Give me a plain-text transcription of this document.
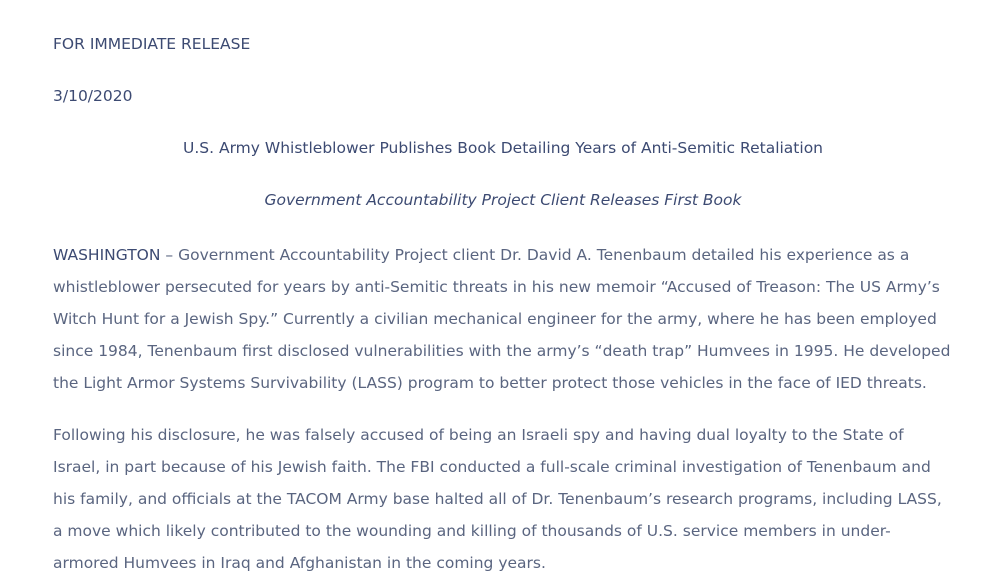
FOR IMMEDIATE RELEASE

3/10/2020

U.S. Army Whistleblower Publishes Book Detailing Years of Anti-Semitic Retaliation

Government Accountability Project Client Releases First Book

WASHINGTON – Government Accountability Project client Dr. David A. Tenenbaum detailed his experience as a whistleblower persecuted for years by anti-Semitic threats in his new memoir “Accused of Treason: The US Army’s Witch Hunt for a Jewish Spy.” Currently a civilian mechanical engineer for the army, where he has been employed since 1984, Tenenbaum first disclosed vulnerabilities with the army’s “death trap” Humvees in 1995. He developed the Light Armor Systems Survivability (LASS) program to better protect those vehicles in the face of IED threats.

Following his disclosure, he was falsely accused of being an Israeli spy and having dual loyalty to the State of Israel, in part because of his Jewish faith. The FBI conducted a full-scale criminal investigation of Tenenbaum and his family, and officials at the TACOM Army base halted all of Dr. Tenenbaum’s research programs, including LASS, a move which likely contributed to the wounding and killing of thousands of U.S. service members in under-armored Humvees in Iraq and Afghanistan in the coming years.
